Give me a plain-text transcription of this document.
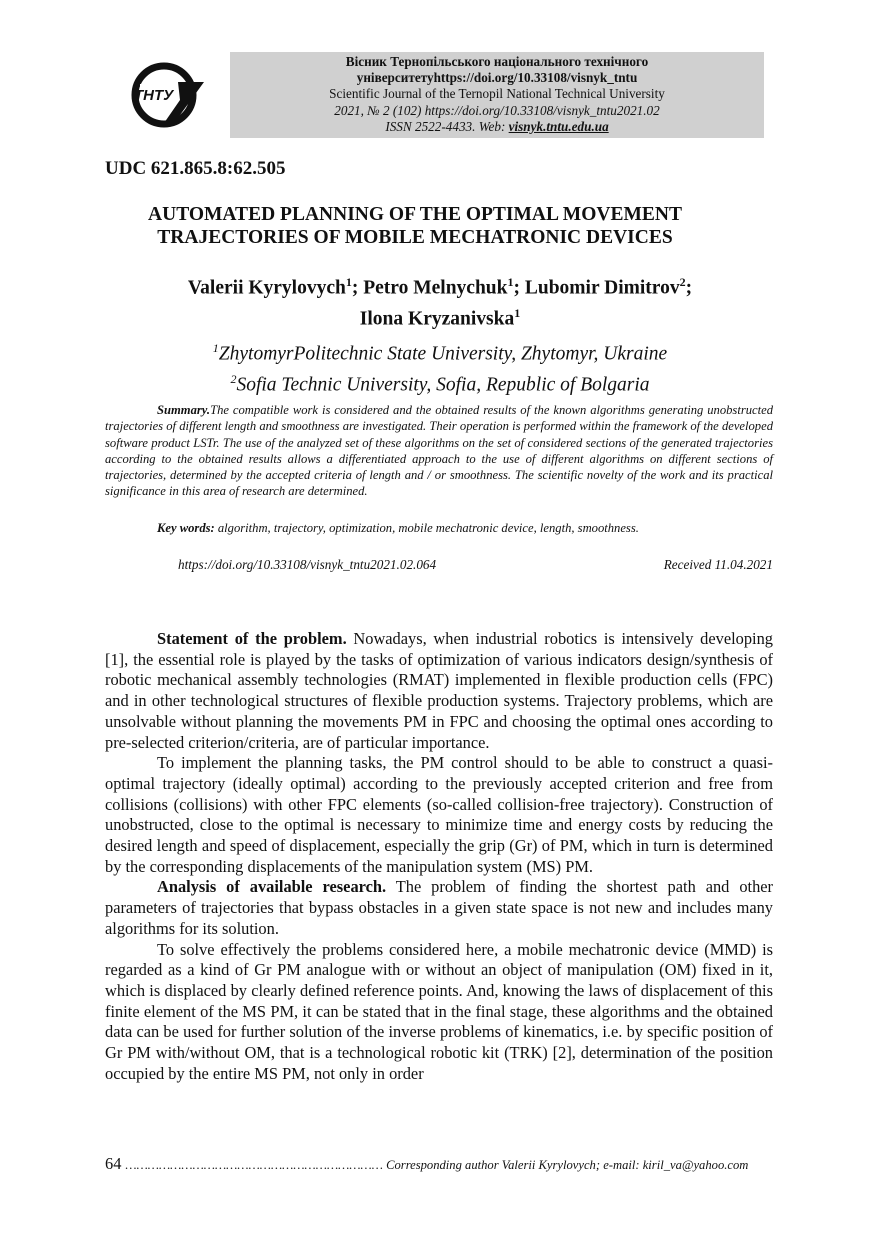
ТНТУ
Вісник Тернопільського національного технічного
університетуhttps://doi.org/10.33108/visnyk_tntu
Scientific Journal of the Ternopil National Technical University
2021, № 2 (102) https://doi.org/10.33108/visnyk_tntu2021.02
ISSN 2522-4433. Web: visnyk.tntu.edu.ua
UDC 621.865.8:62.505
AUTOMATED PLANNING OF THE OPTIMAL MOVEMENT
TRAJECTORIES OF MOBILE MECHATRONIC DEVICES
Valerii Kyrylovych$^1$; Petro Melnychuk$^1$; Lubomir Dimitrov$^2$;
Ilona Kryzanivska$^1$
$^1$ZhytomyrPolitechnic State University, Zhytomyr, Ukraine
$^2$Sofia Technic University, Sofia, Republic of Bolgaria
Summary.The compatible work is considered and the obtained results of the known algorithms generating unobstructed trajectories of different length and smoothness are investigated. Their operation is performed within the framework of the developed software product LSTr. The use of the analyzed set of these algorithms on the set of considered sections of the generated trajectories according to the obtained results allows a differentiated approach to the use of different algorithms on different sections of trajectories, determined by the accepted criteria of length and / or smoothness. The scientific novelty of the work and its practical significance in this area of research are determined.
Key words: algorithm, trajectory, optimization, mobile mechatronic device, length, smoothness.
https://doi.org/10.33108/visnyk_tntu2021.02.064	Received 11.04.2021

Statement of the problem. Nowadays, when industrial robotics is intensively developing [1], the essential role is played by the tasks of optimization of various indicators design/synthesis of robotic mechanical assembly technologies (RMAT) implemented in flexible production cells (FPC) and in other technological structures of flexible production systems. Trajectory problems, which are unsolvable without planning the movements PM in FPC and choosing the optimal ones according to pre-selected criterion/criteria, are of particular importance.

To implement the planning tasks, the PM control should to be able to construct a quasi-optimal trajectory (ideally optimal) according to the previously accepted criterion and free from collisions (collisions) with other FPC elements (so-called collision-free trajectory). Construction of unobstructed, close to the optimal is necessary to minimize time and energy costs by reducing the desired length and speed of displacement, especially the grip (Gr) of PM, which in turn is determined by the corresponding displacements of the manipulation system (MS) PM.

Analysis of available research. The problem of finding the shortest path and other parameters of trajectories that bypass obstacles in a given state space is not new and includes many algorithms for its solution.

To solve effectively the problems considered here, a mobile mechatronic device (MMD) is regarded as a kind of Gr PM analogue with or without an object of manipulation (OM) fixed in it, which is displaced by clearly defined reference points. And, knowing the laws of displacement of this finite element of the MS PM, it can be stated that in the final stage, these algorithms and the obtained data can be used for further solution of the inverse problems of kinematics, i.e. by specific position of Gr PM with/without OM, that is a technological robotic kit (TRK) [2], determination of the position occupied by the entire MS PM, not only in order

64 …………………………………………………………… Corresponding author Valerii Kyrylovych; e-mail: kiril_va@yahoo.com
